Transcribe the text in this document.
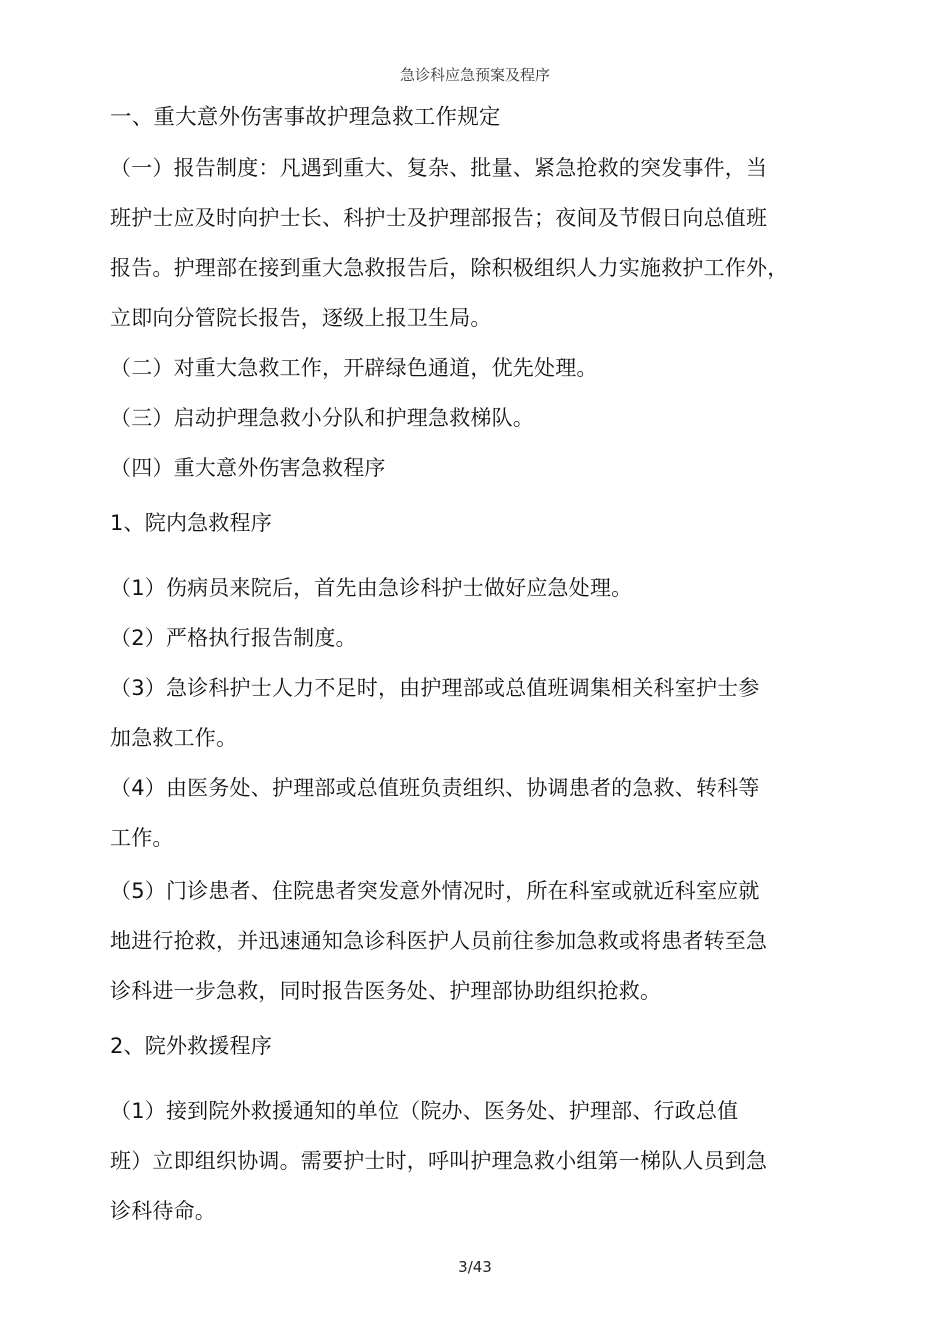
急诊科应急预案及程序
一、重大意外伤害事故护理急救工作规定
（一）报告制度：凡遇到重大、复杂、批量、紧急抢救的突发事件，当
班护士应及时向护士长、科护士及护理部报告；夜间及节假日向总值班
报告。护理部在接到重大急救报告后，除积极组织人力实施救护工作外，
立即向分管院长报告，逐级上报卫生局。
（二）对重大急救工作，开辟绿色通道，优先处理。
（三）启动护理急救小分队和护理急救梯队。
（四）重大意外伤害急救程序
1、院内急救程序
（1）伤病员来院后，首先由急诊科护士做好应急处理。
（2）严格执行报告制度。
（3）急诊科护士人力不足时，由护理部或总值班调集相关科室护士参
加急救工作。
（4）由医务处、护理部或总值班负责组织、协调患者的急救、转科等
工作。
（5）门诊患者、住院患者突发意外情况时，所在科室或就近科室应就
地进行抢救，并迅速通知急诊科医护人员前往参加急救或将患者转至急
诊科进一步急救，同时报告医务处、护理部协助组织抢救。
2、院外救援程序
（1）接到院外救援通知的单位（院办、医务处、护理部、行政总值
班）立即组织协调。需要护士时，呼叫护理急救小组第一梯队人员到急
诊科待命。
3/43
